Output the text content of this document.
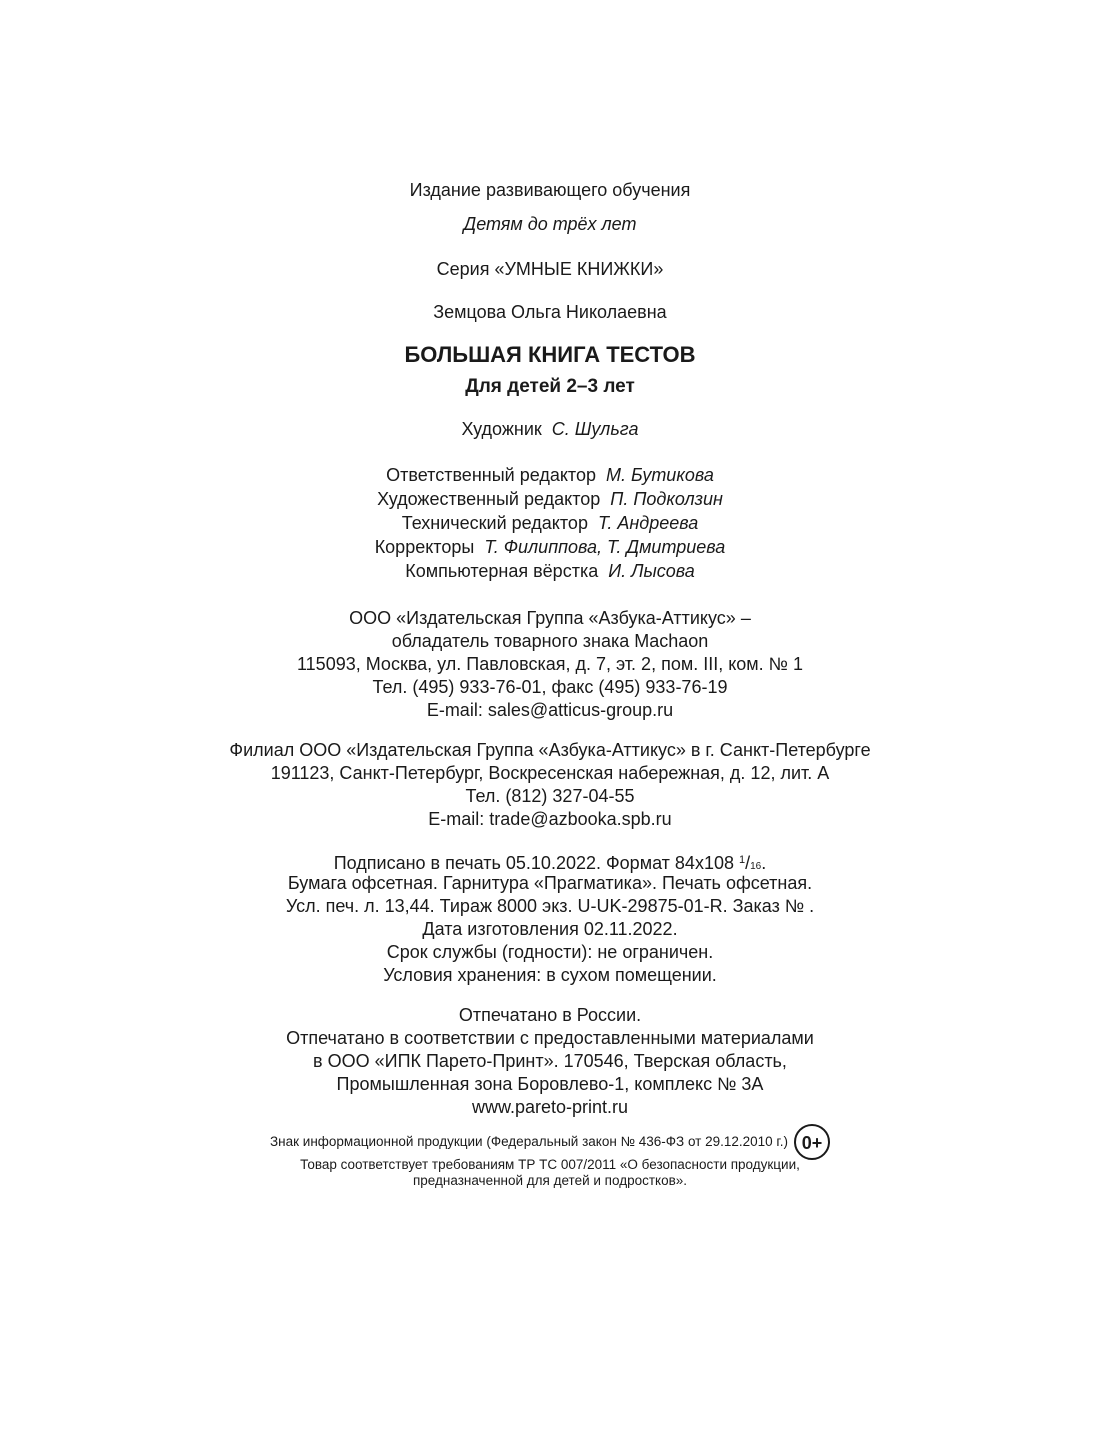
Издание развивающего обучения
Детям до трёх лет
Серия «УМНЫЕ КНИЖКИ»
Земцова Ольга Николаевна
БОЛЬШАЯ КНИГА ТЕСТОВ
Для детей 2–3 лет
Художник С. Шульга
Ответственный редактор М. Бутикова
Художественный редактор П. Подколзин
Технический редактор Т. Андреева
Корректоры Т. Филиппова, Т. Дмитриева
Компьютерная вёрстка И. Лысова
ООО «Издательская Группа «Азбука-Аттикус» –
обладатель товарного знака Machaon
115093, Москва, ул. Павловская, д. 7, эт. 2, пом. III, ком. № 1
Тел. (495) 933-76-01, факс (495) 933-76-19
E-mail: sales@atticus-group.ru
Филиал ООО «Издательская Группа «Азбука-Аттикус» в г. Санкт-Петербурге
191123, Санкт-Петербург, Воскресенская набережная, д. 12, лит. А
Тел. (812) 327-04-55
E-mail: trade@azbooka.spb.ru
Подписано в печать 05.10.2022. Формат 84x108 $^1$/16.
Бумага офсетная. Гарнитура «Прагматика». Печать офсетная.
Усл. печ. л. 13,44. Тираж 8000 экз. U-UK-29875-01-R. Заказ № .
Дата изготовления 02.11.2022.
Срок службы (годности): не ограничен.
Условия хранения: в сухом помещении.
Отпечатано в России.
Отпечатано в соответствии с предоставленными материалами
в ООО «ИПК Парето-Принт». 170546, Тверская область,
Промышленная зона Боровлево-1, комплекс № 3А
www.pareto-print.ru
Знак информационной продукции (Федеральный закон № 436-ФЗ от 29.12.2010 г.) 0+
Товар соответствует требованиям ТР ТС 007/2011 «О безопасности продукции,
предназначенной для детей и подростков».
